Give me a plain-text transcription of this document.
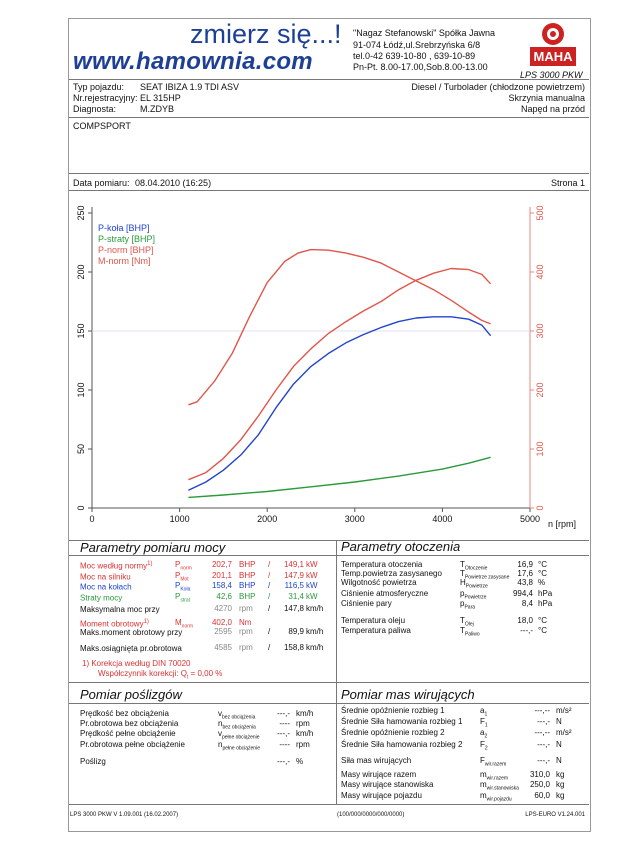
zmierz się...!
www.hamownia.com
"Nagaz Stefanowski" Spółka Jawna
91-074 Łódź,ul.Srebrzyńska 6/8
tel.0-42 639-10-80 , 639-10-89
Pn-Pt. 8.00-17.00,Sob.8.00-13.00
MAHA
LPS 3000 PKW
Typ pojazdu: SEAT IBIZA 1.9 TDI ASV
Nr.rejestracyjny: EL 315HP
Diagnosta:	M.ZDYB
Diesel / Turbolader (chłodzone powietrzem)
Skrzynia manualna
Napęd na przód
COMPSPORT
Data pomiaru: 08.04.2010 (16:25)	Strona 1
0	1000	2000	3000	4000	5000
0
50
100
150
200
250
0
100
200
300
400
500
P-koła [BHP]
P-straty [BHP]
P-norm [BHP]
M-norm [Nm]
n [rpm]
Parametry pomiaru mocy	Parametry otoczenia
Moc według normy$^{1)}$	$P_{norm}$	202,7 BHP /	149,1 kW
Moc na silniku	$P_{Mot}$	201,1 BHP /	147,9 kW
Moc na kołach	$P_{Koła}$	158,4 BHP /	116,5 kW
Straty mocy	$P_{strat}$	42,6 BHP /	31,4 kW
Maksymalna moc przy	4270 rpm /	147,8 km/h
Moment obrotowy$^{1)}$	$M_{norm}$	402,0 Nm
Maks.moment obrotowy przy	2595 rpm /	89,9 km/h
Maks.osiągnięta pr.obrotowa	4585 rpm /	158,8 km/h
1) Korekcja według DIN 70020
Współczynnik korekcji: $Q_t = 0,00$ %
Temperatura otoczenia	$T_{Otoczenie}$	16,9 °C
Temp.powietrza zasysanego $T_{Powietrze zasysane}$	17,6 °C
Wilgotność powietrza	$H_{Powietrze}$	43,8 %
Ciśnienie atmosferyczne	$p_{Powietrze}$	994,4 hPa
Ciśnienie pary	$p_{Para}$	8,4 hPa
Temperatura oleju	$T_{Olej}$	18,0 °C
Temperatura paliwa	$T_{Paliwo}$	---,- °C
Pomiar poślizgów	Pomiar mas wirujących
Prędkość bez obciążenia	$v_{bez obciążenia}$	---,- km/h
Pr.obrotowa bez obciążenia	$n_{bez obciążenia}$	---- rpm
Prędkość pełne obciążenie	$v_{pełne obciążenie}$	---,- km/h
Pr.obrotowa pełne obciążenie	$n_{pełne obciążenie}$	---- rpm
Poślizg	---,- %
Średnie opóźnienie rozbieg 1	$a_1$	---,-- m/s²
Średnie Siła hamowania rozbieg 1 $F_1$	---,- N
Średnie opóźnienie rozbieg 2	$a_2$	---,-- m/s²
Średnie Siła hamowania rozbieg 2 $F_2$	---,- N
Siła mas wirujących	$F_{wir.razem}$	---,- N
Masy wirujące razem	$m_{wir.razem}$	310,0 kg
Masy wirujące stanowiska	$m_{wir.stanowiska}$	250,0 kg
Masy wirujące pojazdu	$m_{wir.pojazdu}$	60,0 kg
LPS 3000 PKW V 1.09.001 (16.02.2007)	(100/000/0000/000/0000)	LPS-EURO V1.24.001
